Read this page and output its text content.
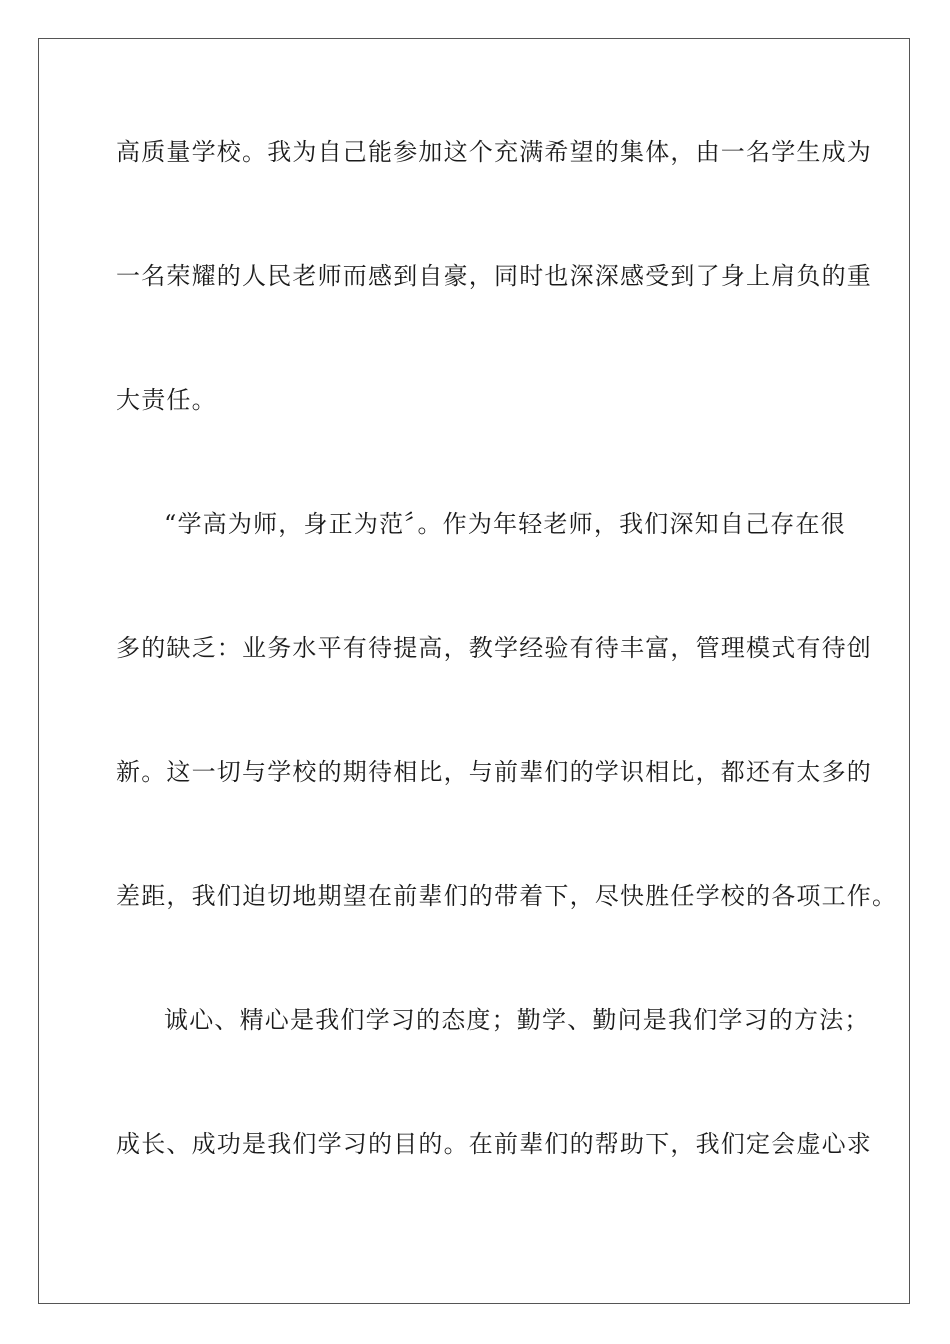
高质量学校。我为自己能参加这个充满希望的集体，由一名学生成为
一名荣耀的人民老师而感到自豪，同时也深深感受到了身上肩负的重
大责任。
“学高为师，身正为范〞。作为年轻老师，我们深知自己存在很
多的缺乏：业务水平有待提高，教学经验有待丰富，管理模式有待创
新。这一切与学校的期待相比，与前辈们的学识相比，都还有太多的
差距，我们迫切地期望在前辈们的带着下，尽快胜任学校的各项工作。
诚心、精心是我们学习的态度；勤学、勤问是我们学习的方法；
成长、成功是我们学习的目的。在前辈们的帮助下，我们定会虚心求
